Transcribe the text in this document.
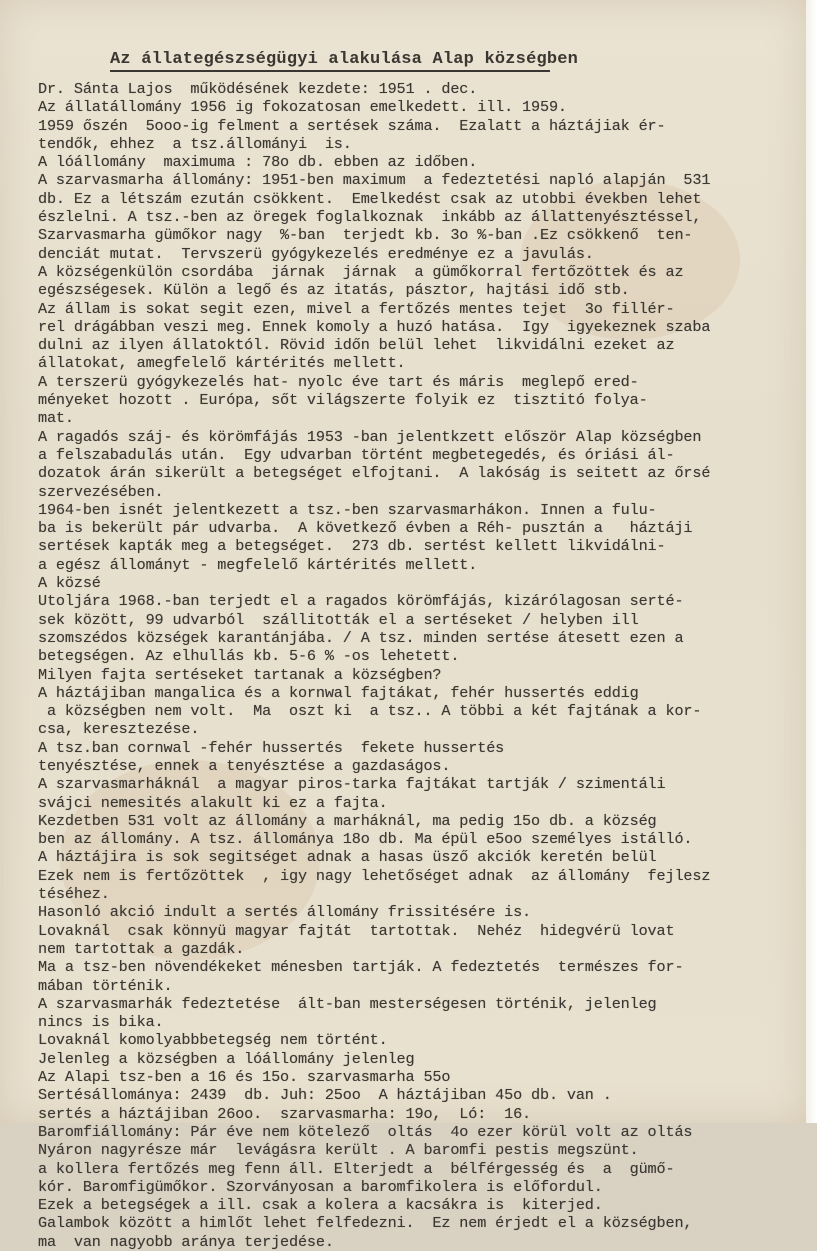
Az állategészségügyi alakulása Alap községben
Dr. Sánta Lajos  működésének kezdete: 1951 . dec.
Az állatállomány 1956 ig fokozatosan emelkedett. ill. 1959.
1959 őszén  5ooo-ig felment a sertések száma.  Ezalatt a háztájiak ér-
tendők, ehhez  a tsz.állományi  is.
A lóállomány  maximuma : 78o db. ebben az időben.
A szarvasmarha állomány: 1951-ben maximum  a fedeztetési napló alapján  531
db. Ez a létszám ezután csökkent.  Emelkedést csak az utobbi években lehet
észlelni. A tsz.-ben az öregek foglalkoznak  inkább az állattenyésztéssel,
Szarvasmarha gümőkor nagy  %-ban  terjedt kb. 3o %-ban .Ez csökkenő  ten-
denciát mutat.  Tervszerü gyógykezelés eredménye ez a javulás.
A községenkülön csordába  járnak  járnak  a gümőkorral fertőzöttek és az
egészségesek. Külön a legő és az itatás, pásztor, hajtási idő stb.
Az állam is sokat segit ezen, mivel a fertőzés mentes tejet  3o fillér-
rel drágábban veszi meg. Ennek komoly a huzó hatása.  Igy  igyekeznek szaba
dulni az ilyen állatoktól. Rövid időn belül lehet  likvidálni ezeket az
állatokat, amegfelelő kártérités mellett.
A terszerü gyógykezelés hat- nyolc éve tart és máris  meglepő ered-
ményeket hozott . Európa, sőt világszerte folyik ez  tisztitó folya-
mat.
A ragadós száj- és körömfájás 1953 -ban jelentkzett először Alap községben
a felszabadulás után.  Egy udvarban történt megbetegedés, és óriási ál-
dozatok árán sikerült a betegséget elfojtani.  A lakóság is seitett az őrsé
szervezésében.
1964-ben isnét jelentkezett a tsz.-ben szarvasmarhákon. Innen a fulu-
ba is bekerült pár udvarba.  A következő évben a Réh- pusztán a   háztáji
sertések kapták meg a betegséget.  273 db. sertést kellett likvidálni-
a egész állományt - megfelelő kártérités mellett.
A közsé
Utoljára 1968.-ban terjedt el a ragados körömfájás, kizárólagosan serté-
sek között, 99 udvarból  szállitották el a sertéseket / helyben ill
szomszédos községek karantánjába. / A tsz. minden sertése átesett ezen a
betegségen. Az elhullás kb. 5-6 % -os lehetett.
Milyen fajta sertéseket tartanak a községben?
A háztájiban mangalica és a kornwal fajtákat, fehér hussertés eddig
a községben nem volt.  Ma  oszt ki  a tsz.. A többi a két fajtának a kor-
csa, keresztezése.
A tsz.ban cornwal -fehér hussertés  fekete hussertés
tenyésztése, ennek a tenyésztése a gazdaságos.
A szarvasmarháknál  a magyar piros-tarka fajtákat tartják / szimentáli
svájci nemesités alakult ki ez a fajta.
Kezdetben 531 volt az állomány a marháknál, ma pedig 15o db. a község
ben az állomány. A tsz. állománya 18o db. Ma épül e5oo személyes istálló.
A háztájira is sok segitséget adnak a hasas üsző akciók keretén belül
Ezek nem is fertőzöttek  , igy nagy lehetőséget adnak  az állomány  fejlesz
téséhez.
Hasonló akció indult a sertés állomány frissitésére is.
Lovaknál  csak könnyü magyar fajtát  tartottak.  Nehéz  hidegvérü lovat
nem tartottak a gazdák.
Ma a tsz-ben növendékeket ménesben tartják. A fedeztetés  természes for-
mában történik.
A szarvasmarhák fedeztetése  ált-ban mesterségesen történik, jelenleg
nincs is bika.
Lovaknál komolyabbbetegség nem történt.
Jelenleg a községben a lóállomány jelenleg
Az Alapi tsz-ben a 16 és 15o. szarvasmarha 55o
Sertésállománya: 2439  db. Juh: 25oo  A háztájiban 45o db. van .
sertés a háztájiban 26oo.  szarvasmarha: 19o,  Ló:  16.
Baromfiállomány: Pár éve nem kötelező  oltás  4o ezer körül volt az oltás
Nyáron nagyrésze már  levágásra került . A baromfi pestis megszünt.
a kollera fertőzés meg fenn áll. Elterjedt a  bélférgesség és  a  gümő-
kór. Baromfigümőkor. Szorványosan a baromfikolera is előfordul.
Ezek a betegségek a ill. csak a kolera a kacsákra is  kiterjed.
Galambok között a himlőt lehet felfedezni.  Ez nem érjedt el a községben,
ma  van nagyobb aránya terjedése.
